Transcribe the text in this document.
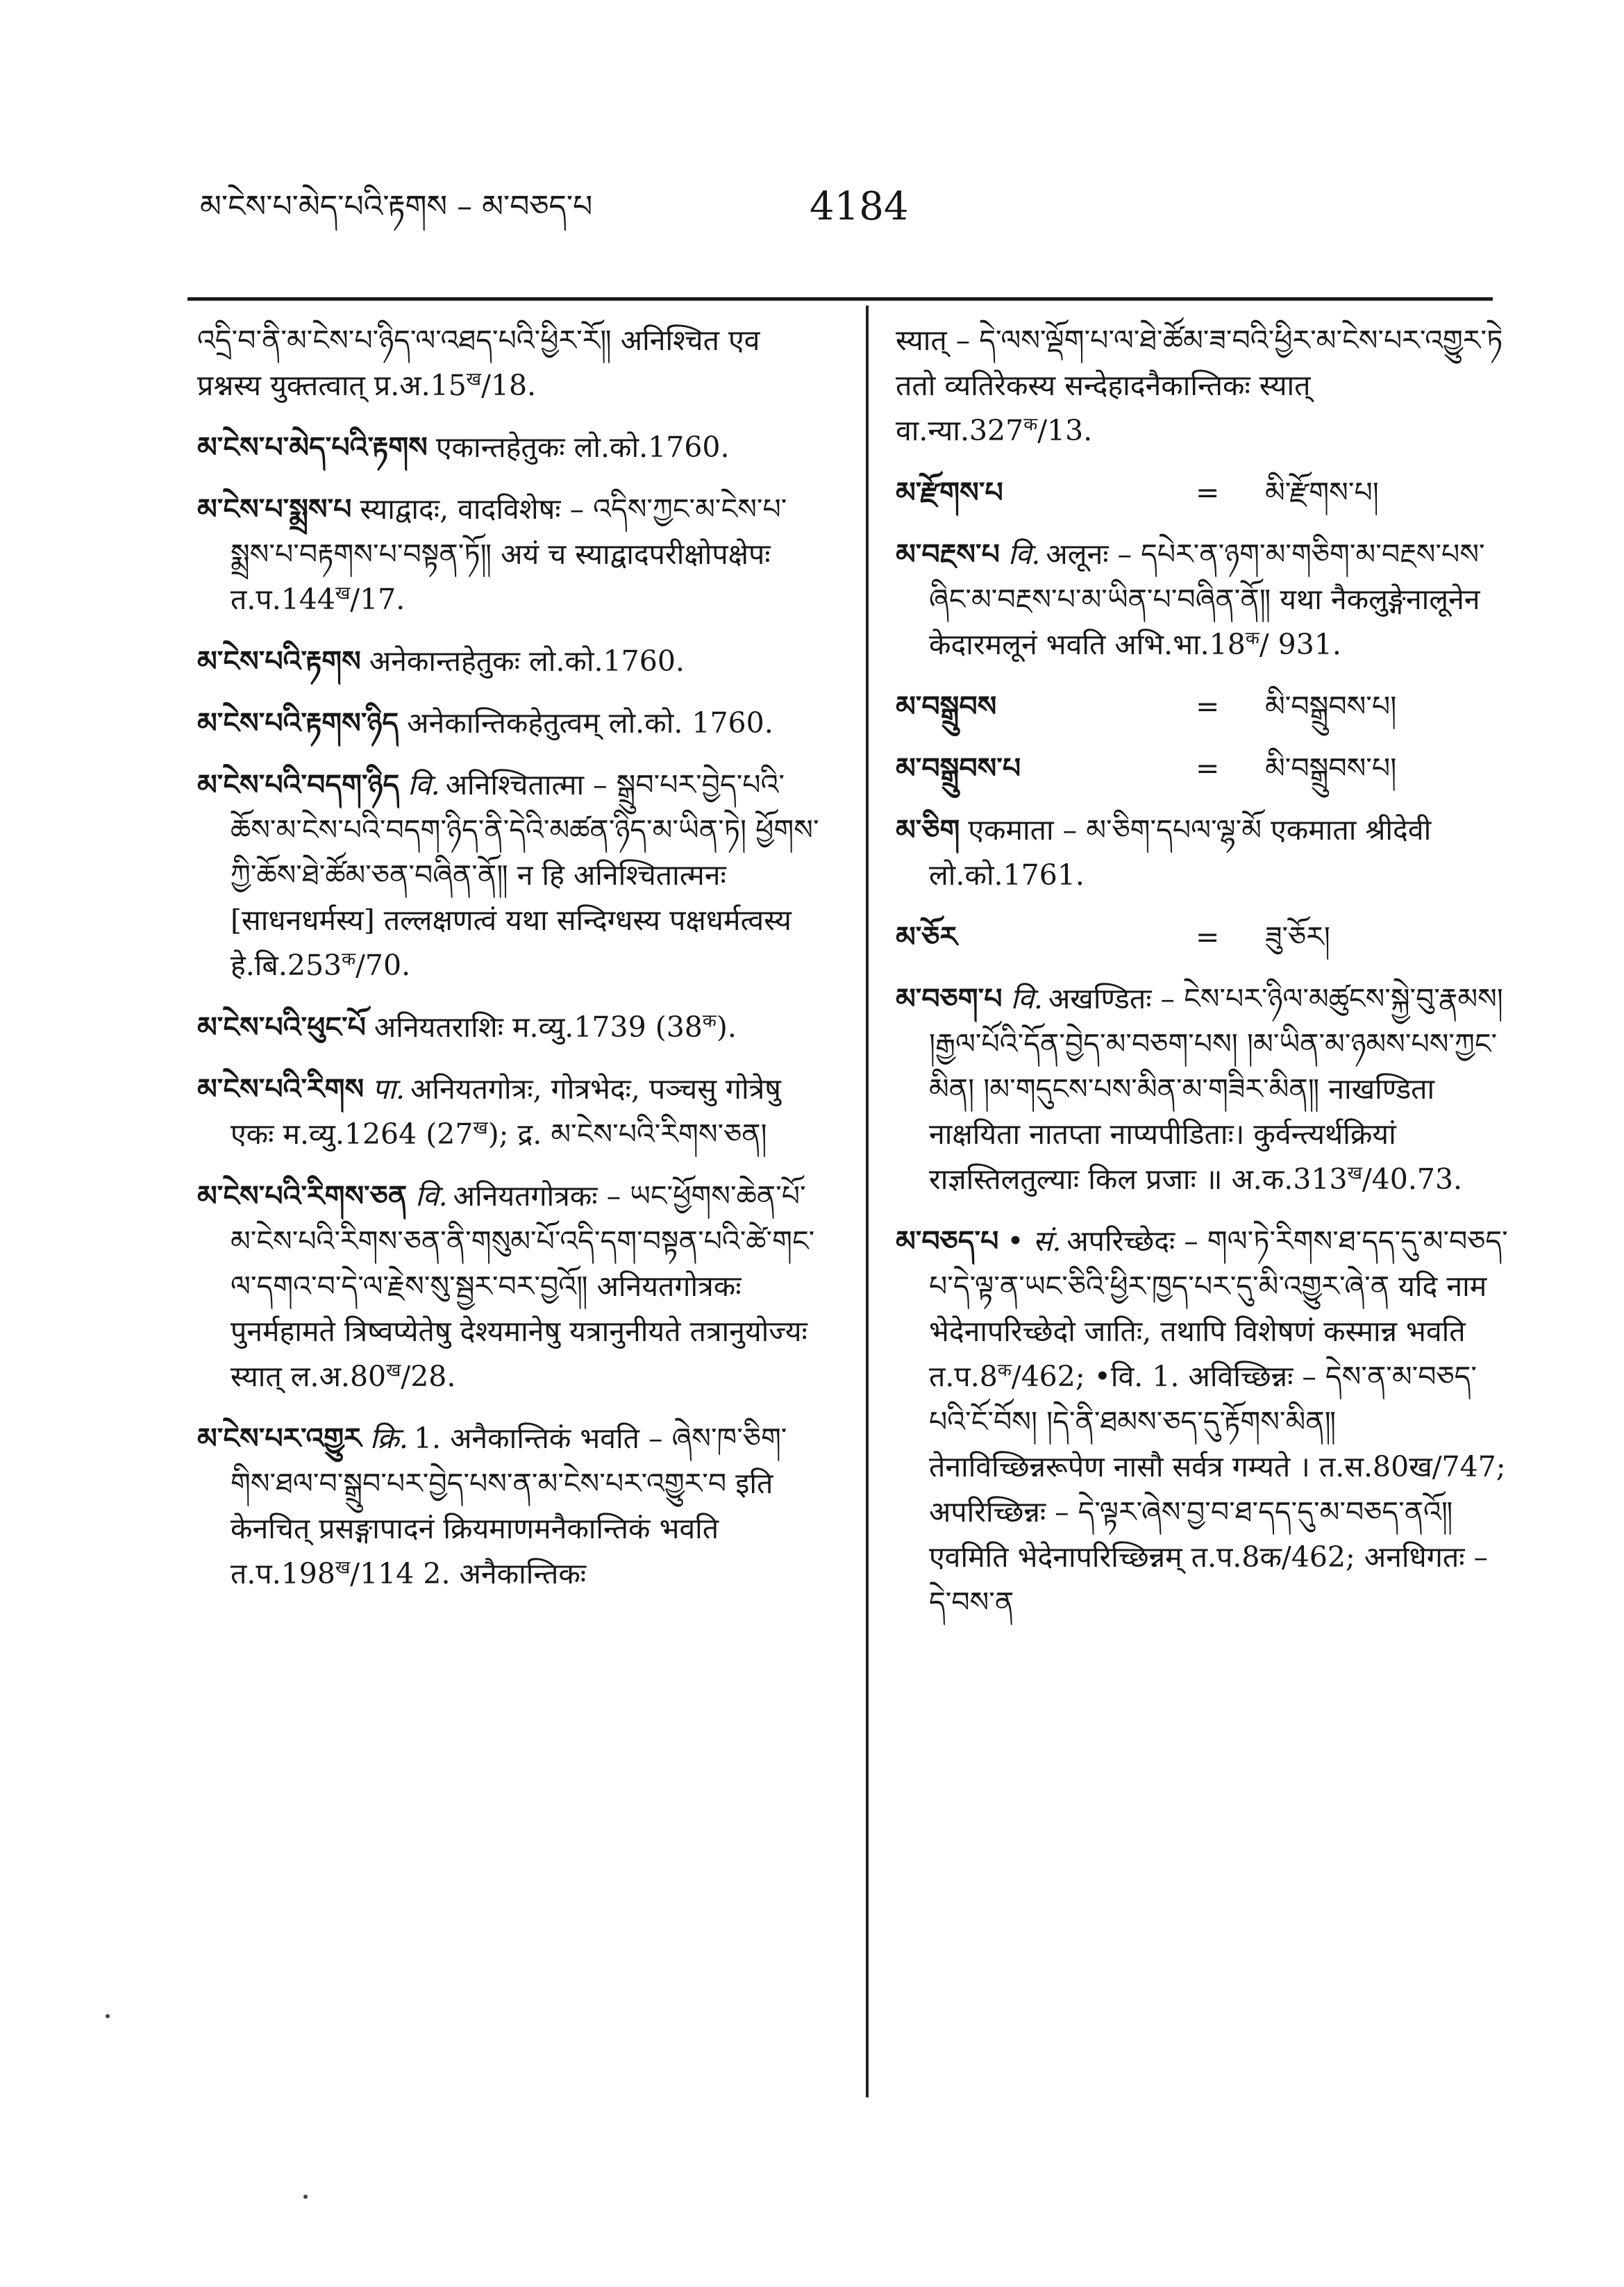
མ་ངེས་པ་མེད་པའི་རྟགས – མ་བཅད་པ	4184
འདྲི་བ་ནི་མ་ངེས་པ་ཉིད་ལ་འཐད་པའི་ཕྱིར་རོ༎ अनिश्चित एव प्रश्नस्य युक्तत्वात् $प्र.अ.15^ख/18$.
མ་ངེས་པ་མེད་པའི་རྟགས एकान्तहेतुकः लो.को.1760.
མ་ངེས་པ་སྨྲས་པ स्याद्वादः, वादविशेषः – འདིས་ཀྱང་མ་ངེས་པ་སྨྲས་པ་བརྟགས་པ་བསྟན་ཏོ༎ अयं च स्याद्वादपरीक्षोपक्षेपः $त.प.144^ख/17$.
མ་ངེས་པའི་རྟགས अनेकान्तहेतुकः लो.को.1760.
མ་ངེས་པའི་རྟགས་ཉིད अनेकान्तिकहेतुत्वम् लो.को. 1760.
མ་ངེས་པའི་བདག་ཉིད वि. अनिश्चितात्मा – སྒྲུབ་པར་བྱེད་པའི་ཆོས་མ་ངེས་པའི་བདག་ཉིད་ནི་དེའི་མཚན་ཉིད་མ་ཡིན་ཏེ། ཕྱོགས་ཀྱི་ཆོས་ཐེ་ཚོམ་ཅན་བཞིན་ནོ༎ न हि अनिश्चितात्मनः [साधनधर्मस्य] तल्लक्षणत्वं यथा सन्दिग्धस्य पक्षधर्मत्वस्य $हे.बि.253^क/70$.
མ་ངེས་པའི་ཕུང་པོ अनियतराशिः म.व्यु.1739 $(38^क)$.
མ་ངེས་པའི་རིགས पा. अनियतगोत्रः, गोत्रभेदः, पञ्चसु गोत्रेषु एकः म.व्यु.1264 $(27^ख)$; द्र. མ་ངེས་པའི་རིགས་ཅན།
མ་ངེས་པའི་རིགས་ཅན वि. अनियतगोत्रकः – ཡང་ཕྱོགས་ཆེན་པོ་མ་ངེས་པའི་རིགས་ཅན་ནི་གསུམ་པོ་འདི་དག་བསྟན་པའི་ཚེ་གང་ལ་དགའ་བ་དེ་ལ་རྗེས་སུ་སྦྱར་བར་བྱའོ༎ अनियतगोत्रकः पुनर्महामते त्रिष्वप्येतेषु देश्यमानेषु यत्रानुनीयते तत्रानुयोज्यः स्यात् $ल.अ.80^ख/28$.
མ་ངེས་པར་འགྱུར क्रि. 1. अनैकान्तिकं भवति – ཞེས་ཁ་ཅིག་གིས་ཐལ་བ་སྒྲུབ་པར་བྱེད་པས་ན་མ་ངེས་པར་འགྱུར་བ इति केनचित् प्रसङ्गापादनं क्रियमाणमनैकान्तिकं भवति $त.प.198^ख/114$ 2. अनैकान्तिकः
स्यात् – དེ་ལས་ལྡོག་པ་ལ་ཐེ་ཚོམ་ཟ་བའི་ཕྱིར་མ་ངེས་པར་འགྱུར་ཏེ ततो व्यतिरेकस्य सन्देहादनैकान्तिकः स्यात् $वा.न्या.327^क/13$.
མ་རྫོགས་པ	=	མི་རྫོགས་པ།
མ་བརྔས་པ वि. अलूनः – དཔེར་ན་ཉག་མ་གཅིག་མ་བརྔས་པས་ཞིང་མ་བརྔས་པ་མ་ཡིན་པ་བཞིན་ནོ༎ यथा नैकलुङ्गेनालूनेन केदारमलूनं भवति $अभि.भा.18^क/$ 931.
མ་བསྒྲུབས	=	མི་བསྒྲུབས་པ།
མ་བསྒྲུབས་པ	=	མི་བསྒྲུབས་པ།
མ་ཅིག एकमाता – མ་ཅིག་དཔལ་ལྷ་མོ एकमाता श्रीदेवी लो.को.1761.
མ་ཅོར	=	ཟུ་ཅོར།
མ་བཅག་པ वि. अखण्डितः – ངེས་པར་ཉིལ་མཚུངས་སྐྱེ་བུ་རྣམས། །རྒྱལ་པོའི་དོན་བྱེད་མ་བཅག་པས། །མ་ཡིན་མ་ཉམས་པས་ཀྱང་མིན། །མ་གདུངས་པས་མིན་མ་གཟིར་མིན༎ नाखण्डिता नाक्षयिता नातप्ता नाप्यपीडिताः। कुर्वन्त्यर्थक्रियां राज्ञस्तिलतुल्याः किल प्रजाः ॥ $अ.क.313^ख/40.73$.
མ་བཅད་པ • सं. अपरिच्छेदः – གལ་ཏེ་རིགས་ཐ་དད་དུ་མ་བཅད་པ་དེ་ལྟ་ན་ཡང་ཅིའི་ཕྱིར་ཁྱད་པར་དུ་མི་འགྱུར་ཞེ་ན यदि नाम भेदेनापरिच्छेदो जातिः, तथापि विशेषणं कस्मान्न भवति $त.प.8^क/462$; •वि. 1. अविच्छिन्नः – དེས་ན་མ་བཅད་པའི་ངོ་བོས། །དེ་ནི་ཐམས་ཅད་དུ་རྟོགས་མིན༎ तेनाविच्छिन्नरूपेण नासौ सर्वत्र गम्यते । त.स.80ख/747; अपरिच्छिन्नः – དེ་ལྟར་ཞེས་བྱ་བ་ཐ་དད་དུ་མ་བཅད་ནའོ༎ एवमिति भेदेनापरिच्छिन्नम् त.प.8क/462; अनधिगतः – དེ་བས་ན
